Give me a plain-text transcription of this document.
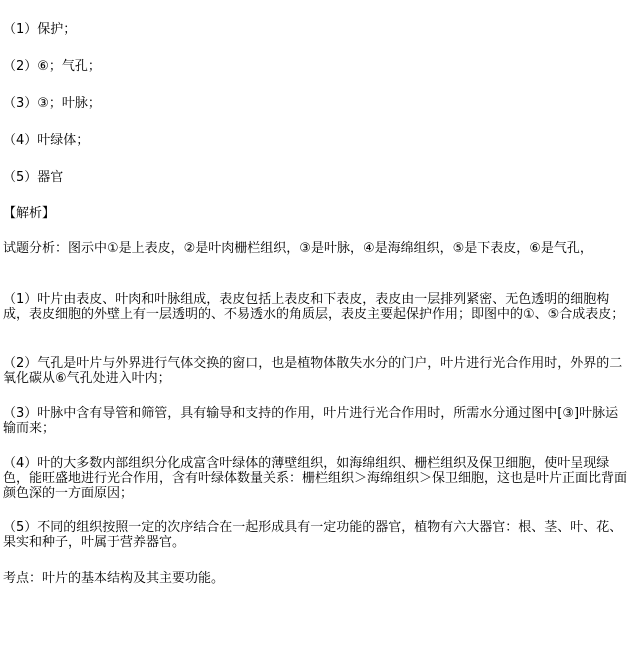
（1）保护；
（2）⑥；气孔；
（3）③；叶脉；
（4）叶绿体；
（5）器官
【解析】
试题分析：图示中①是上表皮，②是叶肉栅栏组织，③是叶脉，④是海绵组织，⑤是下表皮，⑥是气孔，
（1）叶片由表皮、叶肉和叶脉组成，表皮包括上表皮和下表皮，表皮由一层排列紧密、无色透明的细胞构成，表皮细胞的外壁上有一层透明的、不易透水的角质层，表皮主要起保护作用；即图中的①、⑤合成表皮；
（2）气孔是叶片与外界进行气体交换的窗口，也是植物体散失水分的门户，叶片进行光合作用时，外界的二氧化碳从⑥气孔处进入叶内；
（3）叶脉中含有导管和筛管，具有输导和支持的作用，叶片进行光合作用时，所需水分通过图中[③]叶脉运输而来；
（4）叶的大多数内部组织分化成富含叶绿体的薄壁组织，如海绵组织、栅栏组织及保卫细胞，使叶呈现绿色，能旺盛地进行光合作用，含有叶绿体数量关系：栅栏组织＞海绵组织＞保卫细胞，这也是叶片正面比背面颜色深的一方面原因；
（5）不同的组织按照一定的次序结合在一起形成具有一定功能的器官，植物有六大器官：根、茎、叶、花、果实和种子，叶属于营养器官。
考点：叶片的基本结构及其主要功能。
